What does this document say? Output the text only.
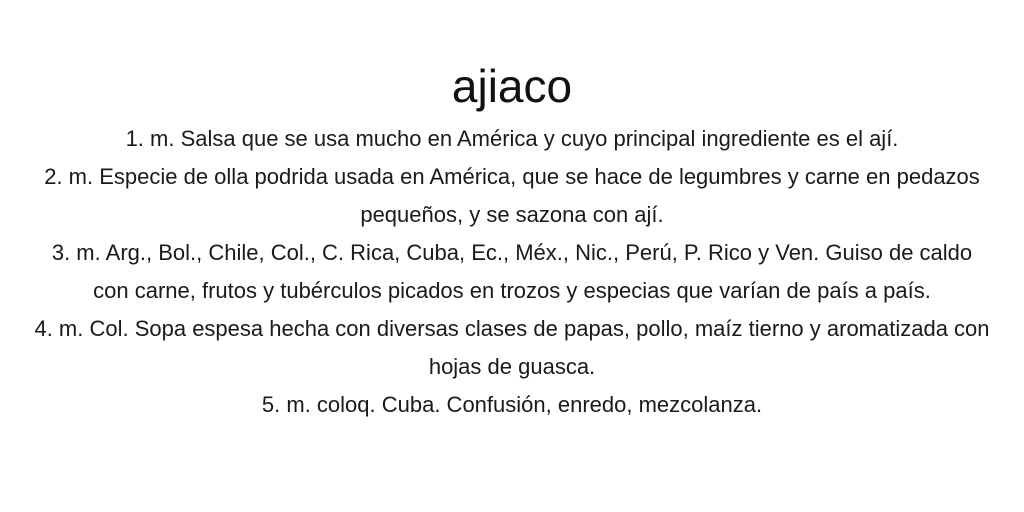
ajiaco

1. m. Salsa que se usa mucho en América y cuyo principal ingrediente es el ají.

2. m. Especie de olla podrida usada en América, que se hace de legumbres y carne en pedazos pequeños, y se sazona con ají.

3. m. Arg., Bol., Chile, Col., C. Rica, Cuba, Ec., Méx., Nic., Perú, P. Rico y Ven. Guiso de caldo con carne, frutos y tubérculos picados en trozos y especias que varían de país a país.

4. m. Col. Sopa espesa hecha con diversas clases de papas, pollo, maíz tierno y aromatizada con hojas de guasca.

5. m. coloq. Cuba. Confusión, enredo, mezcolanza.
